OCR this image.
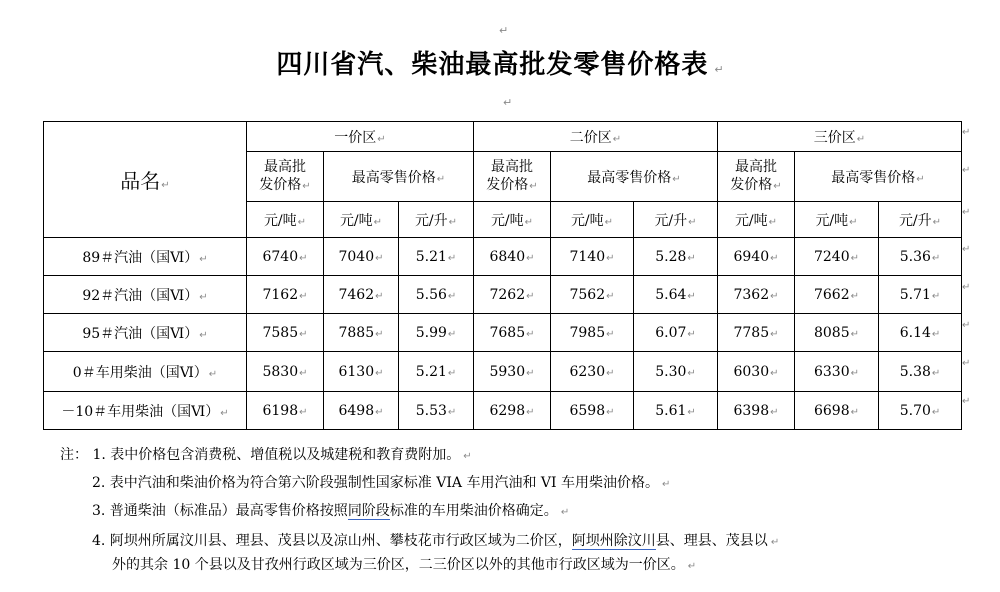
↵
四川省汽、柴油最高批发零售价格表 ↵
↵
品名↵	一价区↵			二价区↵			三价区↵		
	最高批
发价格↵	最高零售价格↵		最高批
发价格↵	最高零售价格↵		最高批
发价格↵	最高零售价格↵	
	元/吨↵	元/吨↵	元/升↵	元/吨↵	元/吨↵	元/升↵	元/吨↵	元/吨↵	元/升↵
89＃汽油（国Ⅵ）↵	6740↵	7040↵	5.21↵	6840↵	7140↵	5.28↵	6940↵	7240↵	5.36↵
92＃汽油（国Ⅵ）↵	7162↵	7462↵	5.56↵	7262↵	7562↵	5.64↵	7362↵	7662↵	5.71↵
95＃汽油（国Ⅵ）↵	7585↵	7885↵	5.99↵	7685↵	7985↵	6.07↵	7785↵	8085↵	6.14↵
0＃车用柴油（国Ⅵ）↵	5830↵	6130↵	5.21↵	5930↵	6230↵	5.30↵	6030↵	6330↵	5.38↵
－10＃车用柴油（国Ⅵ）↵	6198↵	6498↵	5.53↵	6298↵	6598↵	5.61↵	6398↵	6698↵	5.70↵
↵
↵
↵
↵
↵
↵
↵
↵
注： 1. 表中价格包含消费税、增值税以及城建税和教育费附加。 ↵
2. 表中汽油和柴油价格为符合第六阶段强制性国家标准 VIA 车用汽油和 VI 车用柴油价格。 ↵
3. 普通柴油（标准品）最高零售价格按照同阶段标准的车用柴油价格确定。 ↵
4. 阿坝州所属汶川县、理县、茂县以及凉山州、攀枝花市行政区域为二价区，阿坝州除汶川县、理县、茂县以 ↵
外的其余 10 个县以及甘孜州行政区域为三价区，二三价区以外的其他市行政区域为一价区。 ↵
